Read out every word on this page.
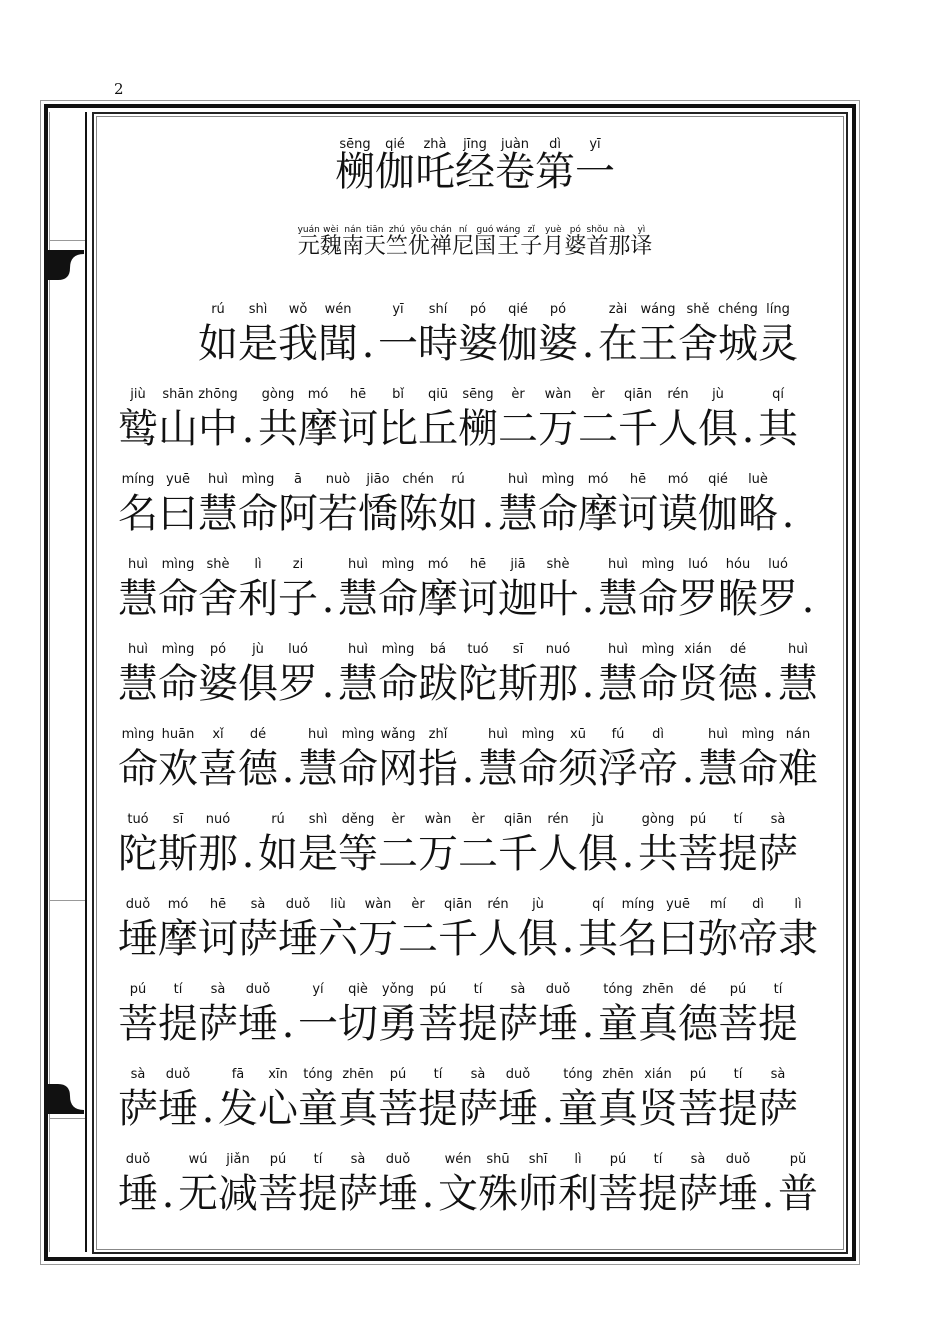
2
sēng
㮶
qié
伽
zhà
吒
jīng
经
juàn
卷
dì
第
yī
一
yuán
元
wèi
魏
nán
南
tiān
天
zhú
竺
yōu
优
chán
禅
ní
尼
guó
国
wáng
王
zǐ
子
yuè
月
pó
婆
shǒu
首
nà
那
yì
译
rú
如
shì
是
wǒ
我
wén
聞 .
yī
一
shí
時
pó
婆
qié
伽
pó
婆 .
zài
在
wáng
王
shě
舍
chéng
城
líng
灵
jiù
鹫
shān
山
zhōng
中 .
gòng
共
mó
摩
hē
诃
bǐ
比
qiū
丘
sēng
㮶
èr
二
wàn
万
èr
二
qiān
千
rén
人
jù
俱 .
qí
其
míng
名
yuē
曰
huì
慧
mìng
命
ā
阿
nuò
若
jiāo
憍
chén
陈
rú
如 .
huì
慧
mìng
命
mó
摩
hē
诃
mó
谟
qié
伽
luè
略 .
huì
慧
mìng
命
shè
舍
lì
利
zi
子 .
huì
慧
mìng
命
mó
摩
hē
诃
jiā
迦
shè
叶 .
huì
慧
mìng
命
luó
罗
hóu
睺
luó
罗 .
huì
慧
mìng
命
pó
婆
jù
俱
luó
罗 .
huì
慧
mìng
命
bá
跋
tuó
陀
sī
斯
nuó
那 .
huì
慧
mìng
命
xián
贤
dé
德 .
huì
慧
mìng
命
huān
欢
xǐ
喜
dé
德 .
huì
慧
mìng
命
wǎng
网
zhǐ
指 .
huì
慧
mìng
命
xū
须
fú
浮
dì
帝 .
huì
慧
mìng
命
nán
难
tuó
陀
sī
斯
nuó
那 .
rú
如
shì
是
děng
等
èr
二
wàn
万
èr
二
qiān
千
rén
人
jù
俱 .
gòng
共
pú
菩
tí
提
sà
萨
duǒ
埵
mó
摩
hē
诃
sà
萨
duǒ
埵
liù
六
wàn
万
èr
二
qiān
千
rén
人
jù
俱 .
qí
其
míng
名
yuē
曰
mí
弥
dì
帝
lì
隶
pú
菩
tí
提
sà
萨
duǒ
埵 .
yí
一
qiè
切
yǒng
勇
pú
菩
tí
提
sà
萨
duǒ
埵 .
tóng
童
zhēn
真
dé
德
pú
菩
tí
提
sà
萨
duǒ
埵 .
fā
发
xīn
心
tóng
童
zhēn
真
pú
菩
tí
提
sà
萨
duǒ
埵 .
tóng
童
zhēn
真
xián
贤
pú
菩
tí
提
sà
萨
duǒ
埵 .
wú
无
jiǎn
减
pú
菩
tí
提
sà
萨
duǒ
埵 .
wén
文
shū
殊
shī
师
lì
利
pú
菩
tí
提
sà
萨
duǒ
埵 .
pǔ
普
